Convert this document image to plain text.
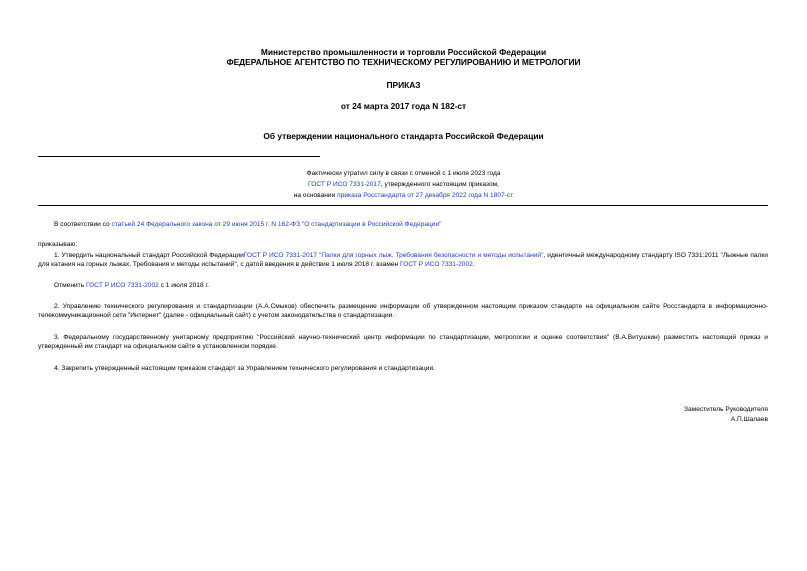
Министерство промышленности и торговли Российской Федерации
ФЕДЕРАЛЬНОЕ АГЕНТСТВО ПО ТЕХНИЧЕСКОМУ РЕГУЛИРОВАНИЮ И МЕТРОЛОГИИ
ПРИКАЗ
от 24 марта 2017 года N 182-ст
Об утверждении национального стандарта Российской Федерации
Фактически утратил силу в связи с отменой с 1 июля 2023 года
ГОСТ Р ИСО 7331-2017, утвержденного настоящим приказом,
на основании приказа Росстандарта от 27 декабря 2022 года N 1807-ст
В соответствии со статьей 24 Федерального закона от 29 июня 2015 г. N 162-ФЗ "О стандартизации в Российской Федерации"
приказываю:
1. Утвердить национальный стандарт Российской ФедерацииГОСТ Р ИСО 7331-2017 "Палки для горных лыж. Требования безопасности и методы испытаний", идентичный международному стандарту ISO 7331:2011 "Лыжные палки для катания на горных лыжах. Требования и методы испытаний", с датой введения в действие 1 июля 2018 г. взамен ГОСТ Р ИСО 7331-2002.
Отменить ГОСТ Р ИСО 7331-2002 с 1 июля 2018 г.
2. Управлению технического регулирования и стандартизации (А.А.Смыков) обеспечить размещение информации об утвержденном настоящим приказом стандарте на официальном сайте Росстандарта в информационно-телекоммуникационной сети "Интернет" (далее - официальный сайт) с учетом законодательства о стандартизации.
3. Федеральному государственному унитарному предприятию "Российский научно-технический центр информации по стандартизации, метрологии и оценке соответствия" (В.А.Витушкин) разместить настоящий приказ и утвержденный им стандарт на официальном сайте в установленном порядке.
4. Закрепить утвержденный настоящим приказом стандарт за Управлением технического регулирования и стандартизации.
Заместитель Руководителя
А.П.Шалаев
